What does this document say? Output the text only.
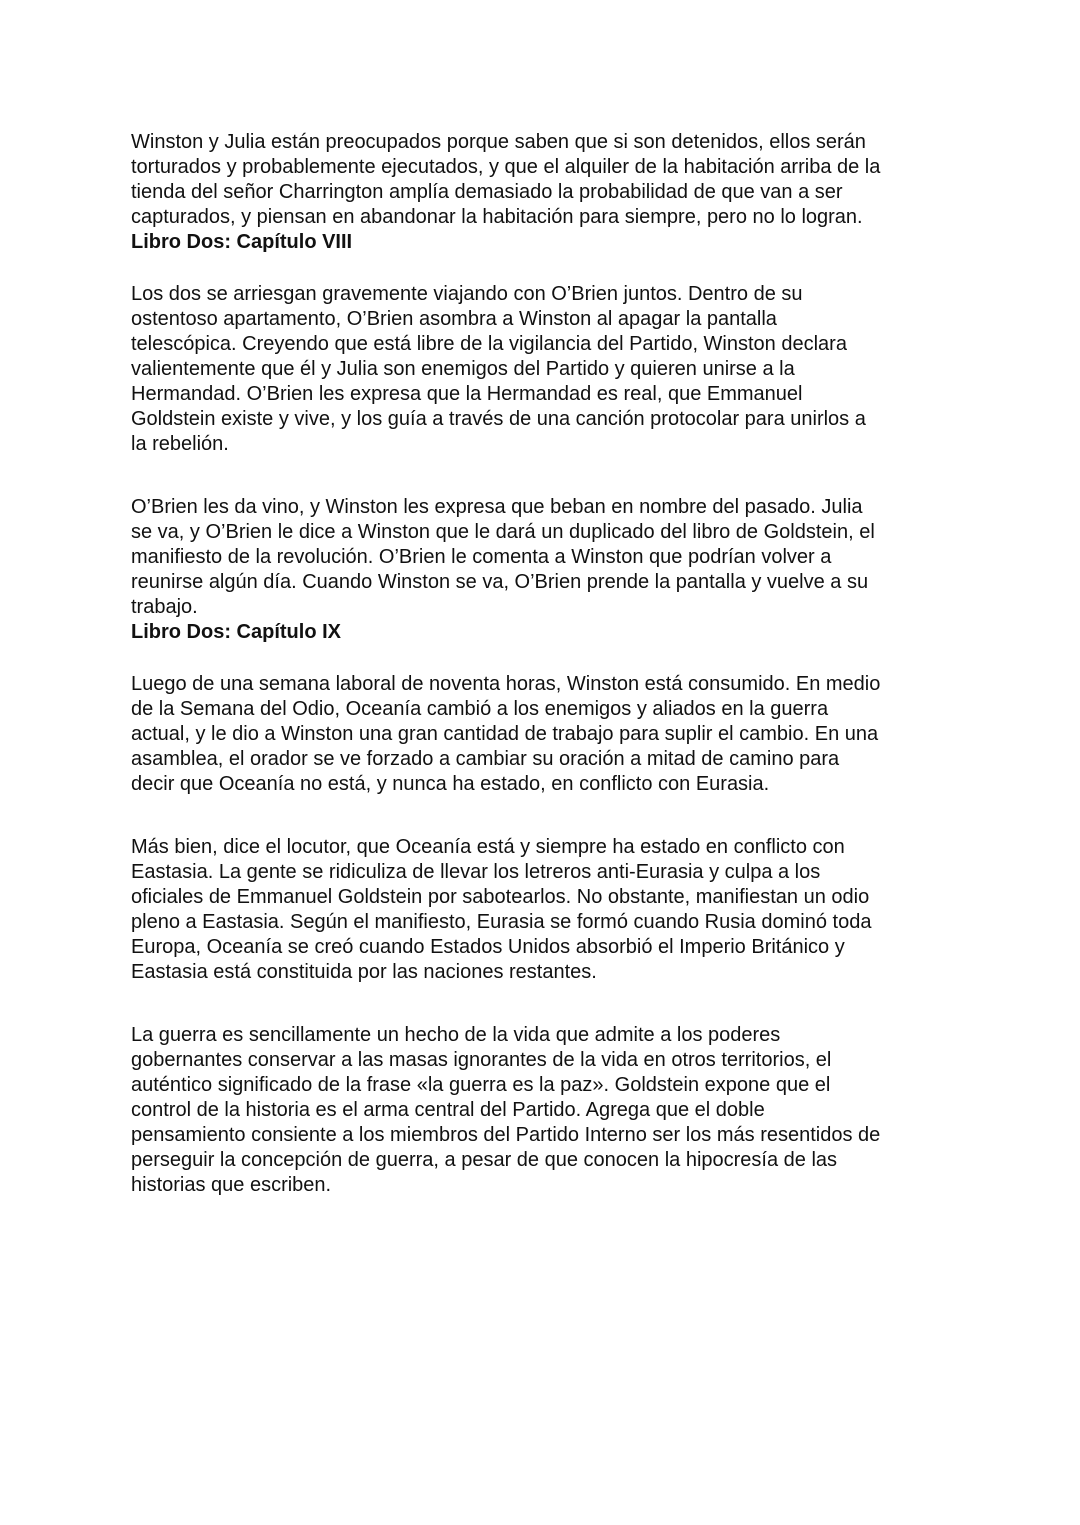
Winston y Julia están preocupados porque saben que si son detenidos, ellos serán
torturados y probablemente ejecutados, y que el alquiler de la habitación arriba de la
tienda del señor Charrington amplía demasiado la probabilidad de que van a ser
capturados, y piensan en abandonar la habitación para siempre, pero no lo logran.

Libro Dos: Capítulo VIII

Los dos se arriesgan gravemente viajando con O’Brien juntos. Dentro de su
ostentoso apartamento, O’Brien asombra a Winston al apagar la pantalla
telescópica. Creyendo que está libre de la vigilancia del Partido, Winston declara
valientemente que él y Julia son enemigos del Partido y quieren unirse a la
Hermandad. O’Brien les expresa que la Hermandad es real, que Emmanuel
Goldstein existe y vive, y los guía a través de una canción protocolar para unirlos a
la rebelión.

O’Brien les da vino, y Winston les expresa que beban en nombre del pasado. Julia
se va, y O’Brien le dice a Winston que le dará un duplicado del libro de Goldstein, el
manifiesto de la revolución. O’Brien le comenta a Winston que podrían volver a
reunirse algún día. Cuando Winston se va, O’Brien prende la pantalla y vuelve a su
trabajo.

Libro Dos: Capítulo IX

Luego de una semana laboral de noventa horas, Winston está consumido. En medio
de la Semana del Odio, Oceanía cambió a los enemigos y aliados en la guerra
actual, y le dio a Winston una gran cantidad de trabajo para suplir el cambio. En una
asamblea, el orador se ve forzado a cambiar su oración a mitad de camino para
decir que Oceanía no está, y nunca ha estado, en conflicto con Eurasia.

Más bien, dice el locutor, que Oceanía está y siempre ha estado en conflicto con
Eastasia. La gente se ridiculiza de llevar los letreros anti-Eurasia y culpa a los
oficiales de Emmanuel Goldstein por sabotearlos. No obstante, manifiestan un odio
pleno a Eastasia. Según el manifiesto, Eurasia se formó cuando Rusia dominó toda
Europa, Oceanía se creó cuando Estados Unidos absorbió el Imperio Británico y
Eastasia está constituida por las naciones restantes.

La guerra es sencillamente un hecho de la vida que admite a los poderes
gobernantes conservar a las masas ignorantes de la vida en otros territorios, el
auténtico significado de la frase «la guerra es la paz». Goldstein expone que el
control de la historia es el arma central del Partido. Agrega que el doble
pensamiento consiente a los miembros del Partido Interno ser los más resentidos de
perseguir la concepción de guerra, a pesar de que conocen la hipocresía de las
historias que escriben.
